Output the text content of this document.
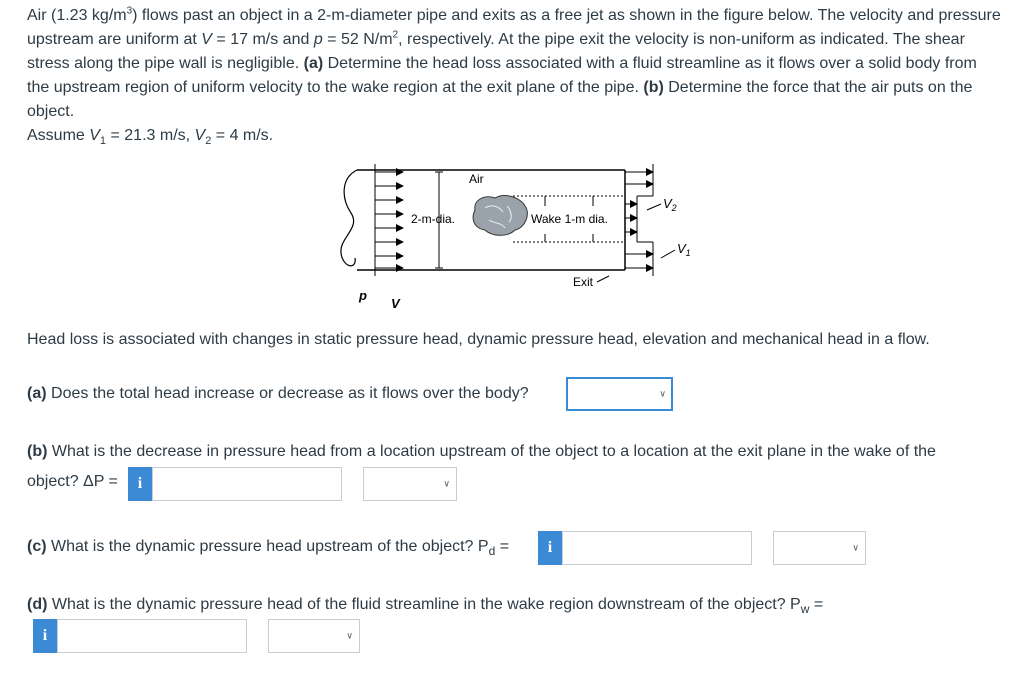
Air (1.23 $kg/m^3$) flows past an object in a 2-m-diameter pipe and exits as a free jet as shown in the figure below. The velocity and pressure upstream are uniform at V = 17 m/s and p = 52 $N/m^2$, respectively. At the pipe exit the velocity is non-uniform as indicated. The shear stress along the pipe wall is negligible. (a) Determine the head loss associated with a fluid streamline as it flows over a solid body from the upstream region of uniform velocity to the wake region at the exit plane of the pipe. (b) Determine the force that the air puts on the object.

Assume $V_1 = 21.3$ m/s, $V_2 = 4$ m/s.

Air
2-m-dia.	Wake 1-m dia.
$V_2$
$V_1$
Exit
p
V
Head loss is associated with changes in static pressure head, dynamic pressure head, elevation and mechanical head in a flow.
(a) Does the total head increase or decrease as it flows over the body?	∨
(b) What is the decrease in pressure head from a location upstream of the object to a location at the exit plane in the wake of the
object? ΔP =	i	∨
(c) What is the dynamic pressure head upstream of the object? $P_d$ =	i	∨
(d) What is the dynamic pressure head of the fluid streamline in the wake region downstream of the object? $P_w$ =
i	∨
